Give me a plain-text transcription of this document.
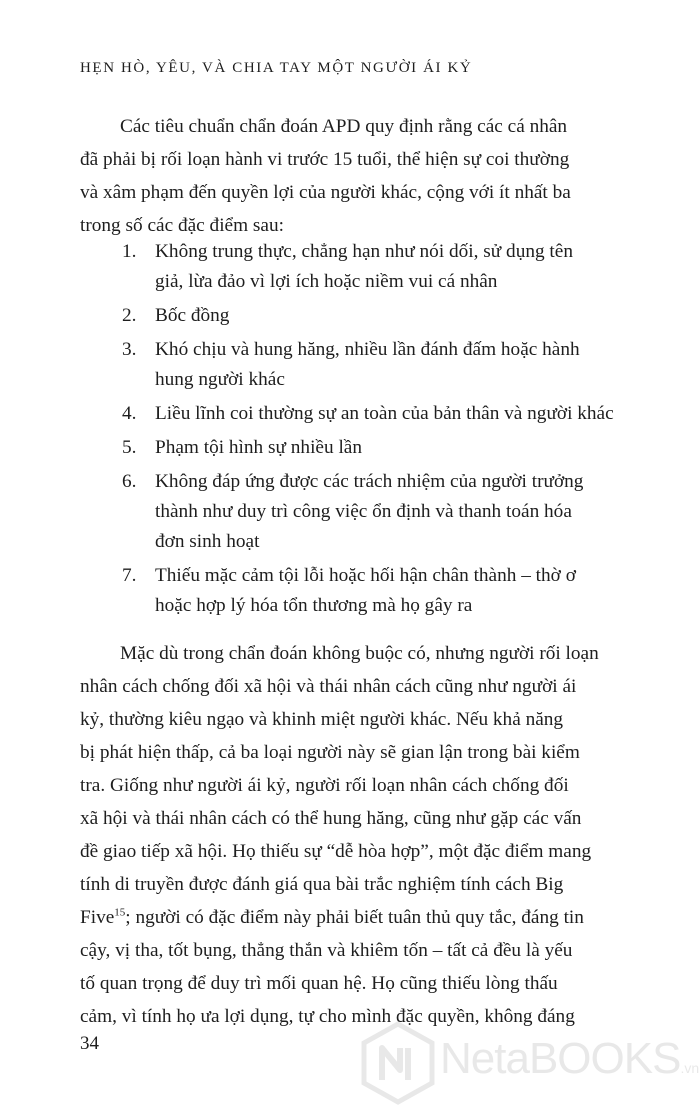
HẸN HÒ, YÊU, VÀ CHIA TAY MỘT NGƯỜI ÁI KỶ
Các tiêu chuẩn chẩn đoán APD quy định rằng các cá nhân
đã phải bị rối loạn hành vi trước 15 tuổi, thể hiện sự coi thường
và xâm phạm đến quyền lợi của người khác, cộng với ít nhất ba
trong số các đặc điểm sau:
1. Không trung thực, chẳng hạn như nói dối, sử dụng tên
giả, lừa đảo vì lợi ích hoặc niềm vui cá nhân
2. Bốc đồng
3. Khó chịu và hung hăng, nhiều lần đánh đấm hoặc hành
hung người khác
4. Liều lĩnh coi thường sự an toàn của bản thân và người khác
5. Phạm tội hình sự nhiều lần
6. Không đáp ứng được các trách nhiệm của người trưởng
thành như duy trì công việc ổn định và thanh toán hóa
đơn sinh hoạt
7. Thiếu mặc cảm tội lỗi hoặc hối hận chân thành – thờ ơ
hoặc hợp lý hóa tổn thương mà họ gây ra
Mặc dù trong chẩn đoán không buộc có, nhưng người rối loạn
nhân cách chống đối xã hội và thái nhân cách cũng như người ái
kỷ, thường kiêu ngạo và khinh miệt người khác. Nếu khả năng
bị phát hiện thấp, cả ba loại người này sẽ gian lận trong bài kiểm
tra. Giống như người ái kỷ, người rối loạn nhân cách chống đối
xã hội và thái nhân cách có thể hung hăng, cũng như gặp các vấn
đề giao tiếp xã hội. Họ thiếu sự “dễ hòa hợp”, một đặc điểm mang
tính di truyền được đánh giá qua bài trắc nghiệm tính cách Big
Five$^{15}$; người có đặc điểm này phải biết tuân thủ quy tắc, đáng tin
cậy, vị tha, tốt bụng, thẳng thắn và khiêm tốn – tất cả đều là yếu
tố quan trọng để duy trì mối quan hệ. Họ cũng thiếu lòng thấu
cảm, vì tính họ ưa lợi dụng, tự cho mình đặc quyền, không đáng
34	NetaBOOKS.vn
